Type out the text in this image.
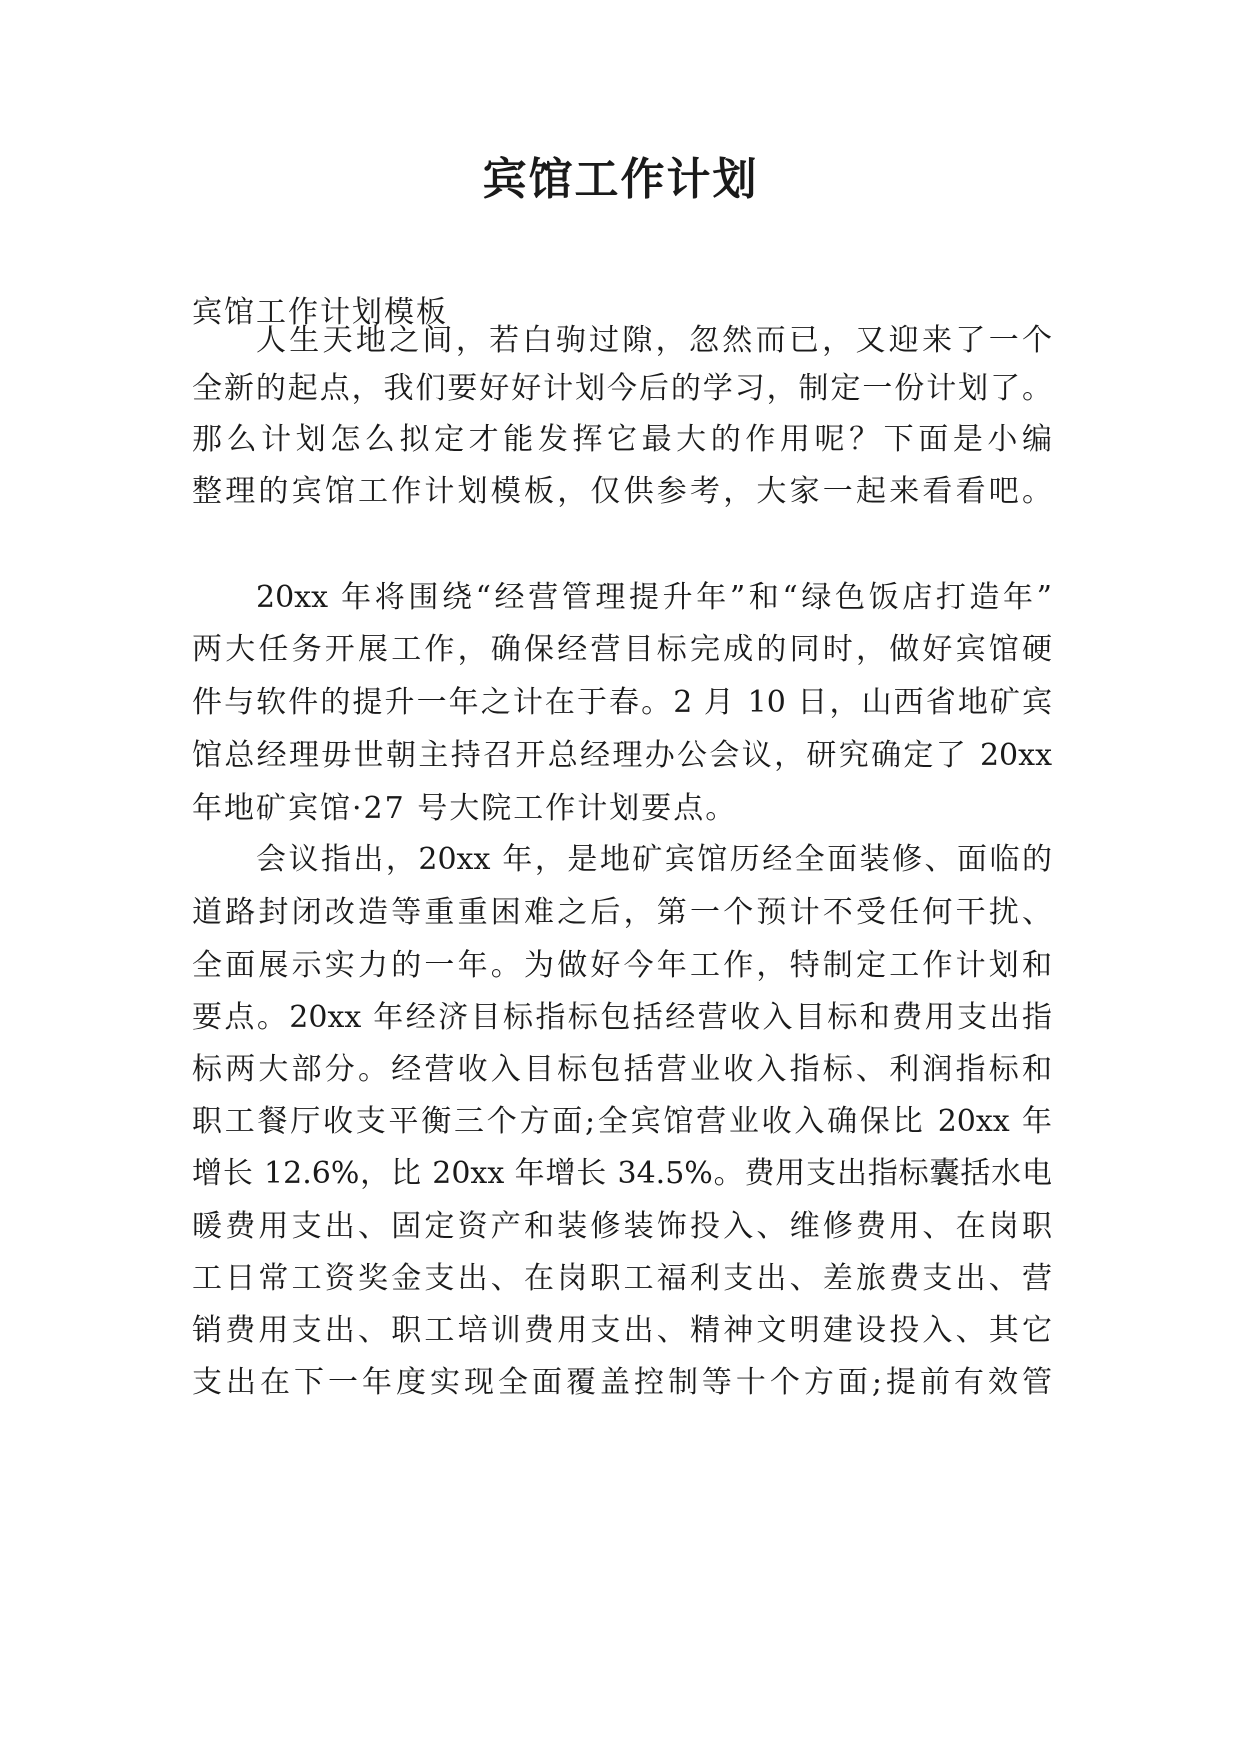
宾馆工作计划
宾馆工作计划模板
人生天地之间，若白驹过隙，忽然而已，又迎来了一个
全新的起点，我们要好好计划今后的学习，制定一份计划了。
那么计划怎么拟定才能发挥它最大的作用呢？下面是小编
整理的宾馆工作计划模板，仅供参考，大家一起来看看吧。
20xx 年将围绕“经营管理提升年”和“绿色饭店打造年”
两大任务开展工作，确保经营目标完成的同时，做好宾馆硬
件与软件的提升一年之计在于春。2 月 10 日，山西省地矿宾
馆总经理毋世朝主持召开总经理办公会议，研究确定了 20xx
年地矿宾馆·27 号大院工作计划要点。
会议指出，20xx 年，是地矿宾馆历经全面装修、面临的
道路封闭改造等重重困难之后，第一个预计不受任何干扰、
全面展示实力的一年。为做好今年工作，特制定工作计划和
要点。20xx 年经济目标指标包括经营收入目标和费用支出指
标两大部分。经营收入目标包括营业收入指标、利润指标和
职工餐厅收支平衡三个方面;全宾馆营业收入确保比 20xx 年
增长 12.6%，比 20xx 年增长 34.5%。费用支出指标囊括水电
暖费用支出、固定资产和装修装饰投入、维修费用、在岗职
工日常工资奖金支出、在岗职工福利支出、差旅费支出、营
销费用支出、职工培训费用支出、精神文明建设投入、其它
支出在下一年度实现全面覆盖控制等十个方面;提前有效管
